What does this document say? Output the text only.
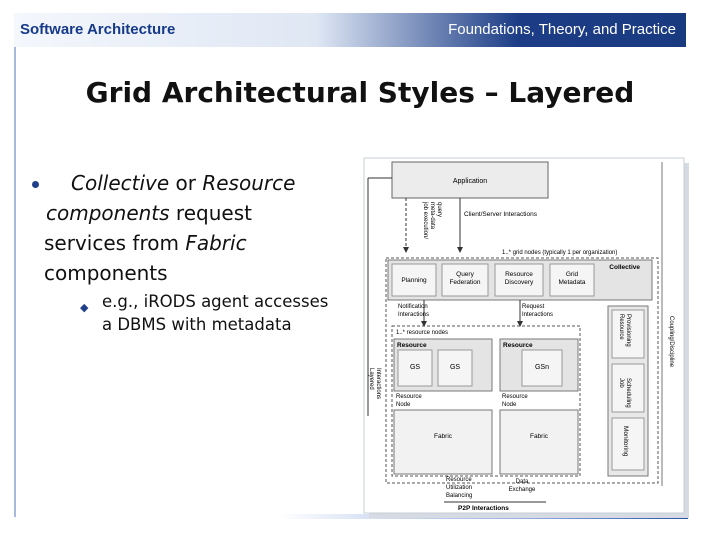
Software Architecture	Foundations, Theory, and Practice
Grid Architectural Styles – Layered
Collective or Resource
components request
services from Fabric
components
◆ e.g., iRODS agent accesses
a DBMS with metadata
Application
Client/Server Interactions
job execution/ meta-data query
1..* grid nodes (typically 1 per organization)
Collective
Planning
Query
Federation
Resource
Discovery
Grid
Metadata
Notification
Interactions
Request
Interactions
1..* resource nodes
Resource
GS	GS
Resource
GSn
Resource
Node
Resource
Node
Fabric	Fabric
Layered Interactions
Resource Provisioning
Job Scheduling
Monitoring
Coupling/Discipline
Resource
Utilization
Balancing
Data
Exchange
P2P Interactions
